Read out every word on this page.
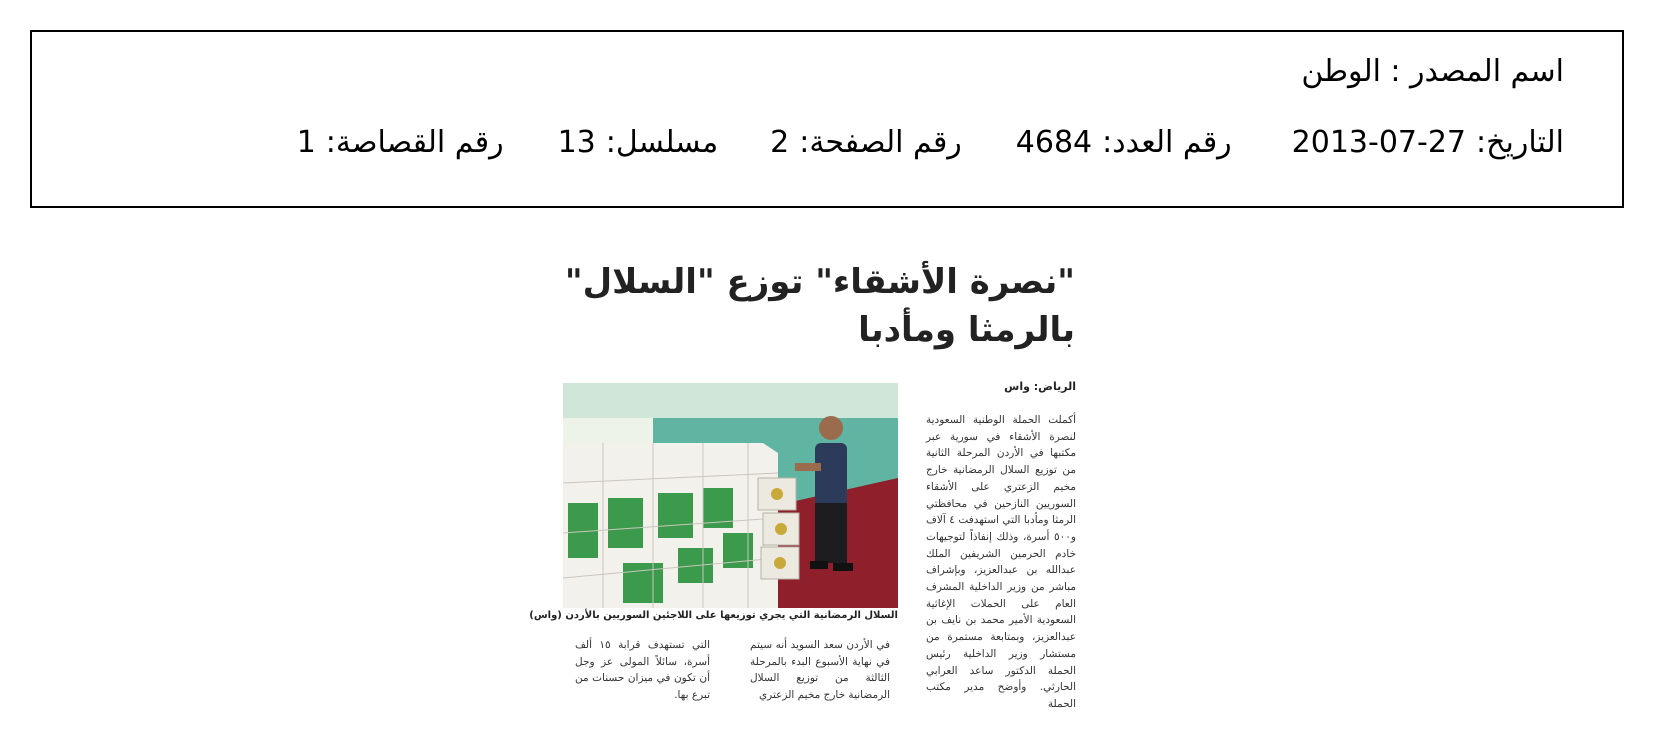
اسم المصدر :
الوطن
التاريخ:
2013-07-27
رقم العدد:
4684
رقم الصفحة:
2
مسلسل:
13
رقم القصاصة:
1
"نصرة الأشقاء" توزع "السلال"
بالرمثا ومأدبا
الرياض: واس
أكملت الحملة الوطنية السعودية لنصرة الأشقاء في سورية عبر مكتبها في الأردن المرحلة الثانية من توزيع السلال الرمضانية خارج مخيم الزعتري على الأشقاء السوريين النازحين في محافظتي الرمثا ومأدبا التي استهدفت ٤ آلاف و٥٠٠ أسرة، وذلك إنفاذاً لتوجيهات خادم الحرمين الشريفين الملك عبدالله بن عبدالعزيز، وبإشراف مباشر من وزير الداخلية المشرف العام على الحملات الإغاثية السعودية الأمير محمد بن نايف بن عبدالعزيز، وبمتابعة مستمرة من مستشار وزير الداخلية رئيس الحملة الدكتور ساعد العرابي الحارثي. وأوضح مدير مكتب الحملة
السلال الرمضانية التي يجري توزيعها على اللاجئين السوريين بالأردن (واس)
في الأردن سعد السويد أنه سيتم في نهاية الأسبوع البدء بالمرحلة الثالثة من توزيع السلال الرمضانية خارج مخيم الزعتري
التي تستهدف قرابة ١٥ ألف أسرة، سائلاً المولى عز وجل أن تكون في ميزان حسنات من تبرع بها.
